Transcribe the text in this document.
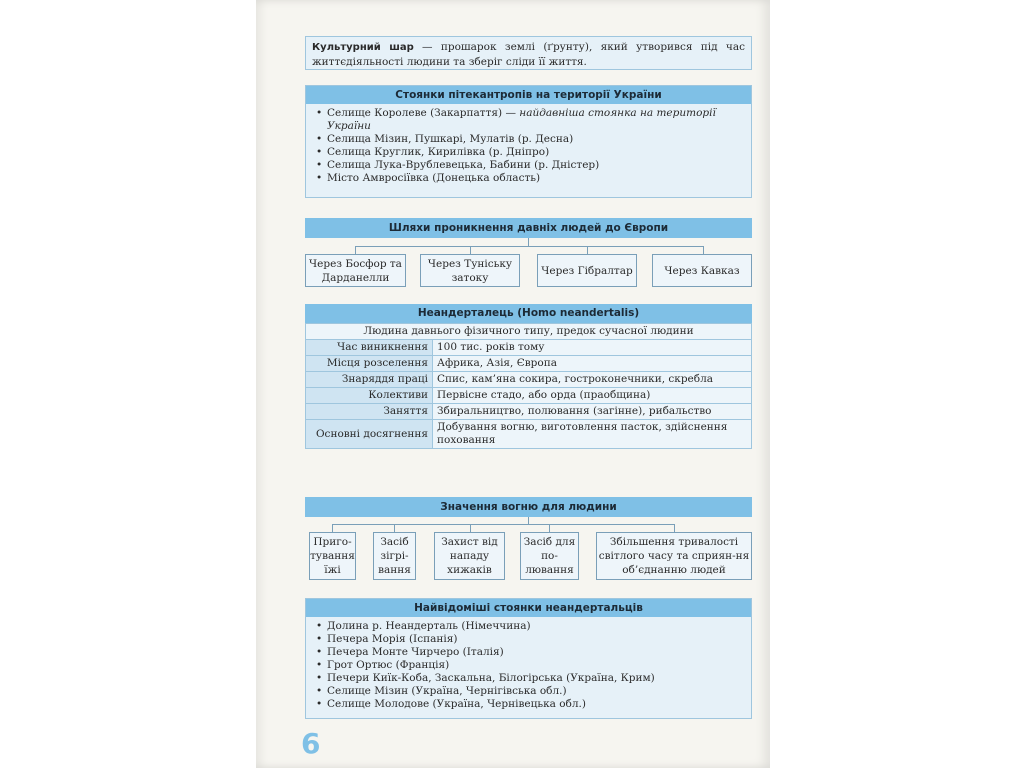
Культурний шар — прошарок землі (ґрунту), який утворився під час життєдіяльності людини та зберіг сліди її життя.
Стоянки пітекантропів на території України
• Селище Королеве (Закарпаття) — найдавніша стоянка на території України
• Селища Мізин, Пушкарі, Мулатів (р. Десна)
• Селища Круглик, Кирилівка (р. Дніпро)
• Селища Лука-Врублевецька, Бабини (р. Дністер)
• Місто Амвросіївка (Донецька область)
Шляхи проникнення давніх людей до Європи
Через Босфор та Дарданелли
Через Туніську затоку
Через Гібралтар	Через Кавказ
Неандерталець (Homo neandertalis)
Людина давнього фізичного типу, предок сучасної людини	
Час виникнення	100 тис. років тому
Місця розселення	Африка, Азія, Європа
Знаряддя праці	Спис, кам’яна сокира, гостроконечники, скребла
Колективи	Первісне стадо, або орда (праобщина)
Заняття	Збиральництво, полювання (загінне), рибальство
Основні досягнення	Добування вогню, виготовлення пасток, здійснення поховання
Значення вогню для людини
Приго-тування їжі
Засіб зігрі-вання
Захист від нападу хижаків
Засіб для по-лювання
Збільшення тривалості світлого часу та сприян-ня об’єднанню людей
Найвідоміші стоянки неандертальців
• Долина р. Неандерталь (Німеччина)
• Печера Морія (Іспанія)
• Печера Монте Чирчеро (Італія)
• Грот Ортюс (Франція)
• Печери Киїк-Коба, Заскальна, Білогірська (Україна, Крим)
• Селище Мізин (Україна, Чернігівська обл.)
• Селище Молодове (Україна, Чернівецька обл.)
6
